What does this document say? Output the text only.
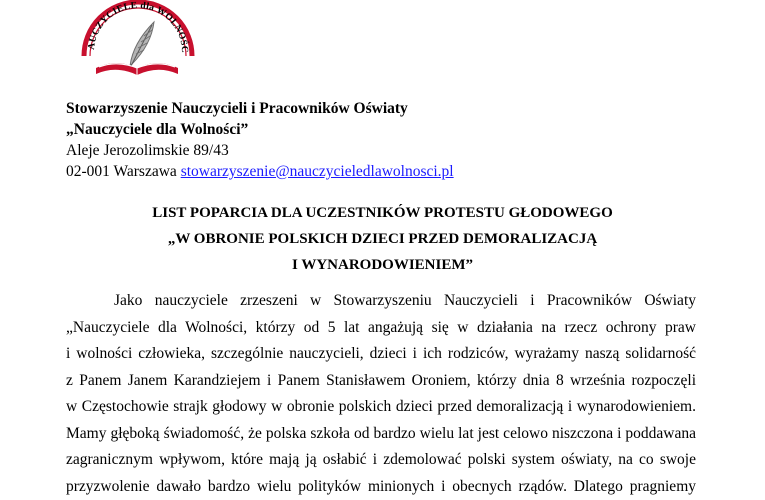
AUCZYCIELE dla WOLNOŚC
Stowarzyszenie Nauczycieli i Pracowników Oświaty
„Nauczyciele dla Wolności”
Aleje Jerozolimskie 89/43
02-001 Warszawa stowarzyszenie@nauczycieledlawolnosci.pl
LIST POPARCIA DLA UCZESTNIKÓW PROTESTU GŁODOWEGO
„W OBRONIE POLSKICH DZIECI PRZED DEMORALIZACJĄ
I WYNARODOWIENIEM”
Jako nauczyciele zrzeszeni w Stowarzyszeniu Nauczycieli i Pracowników Oświaty
„Nauczyciele dla Wolności, którzy od 5 lat angażują się w działania na rzecz ochrony praw
i wolności człowieka, szczególnie nauczycieli, dzieci i ich rodziców, wyrażamy naszą solidarność
z Panem Janem Karandziejem i Panem Stanisławem Oroniem, którzy dnia 8 września rozpoczęli
w Częstochowie strajk głodowy w obronie polskich dzieci przed demoralizacją i wynarodowieniem.
Mamy głęboką świadomość, że polska szkoła od bardzo wielu lat jest celowo niszczona i poddawana
zagranicznym wpływom, które mają ją osłabić i zdemolować polski system oświaty, na co swoje
przyzwolenie dawało bardzo wielu polityków minionych i obecnych rządów. Dlatego pragniemy
